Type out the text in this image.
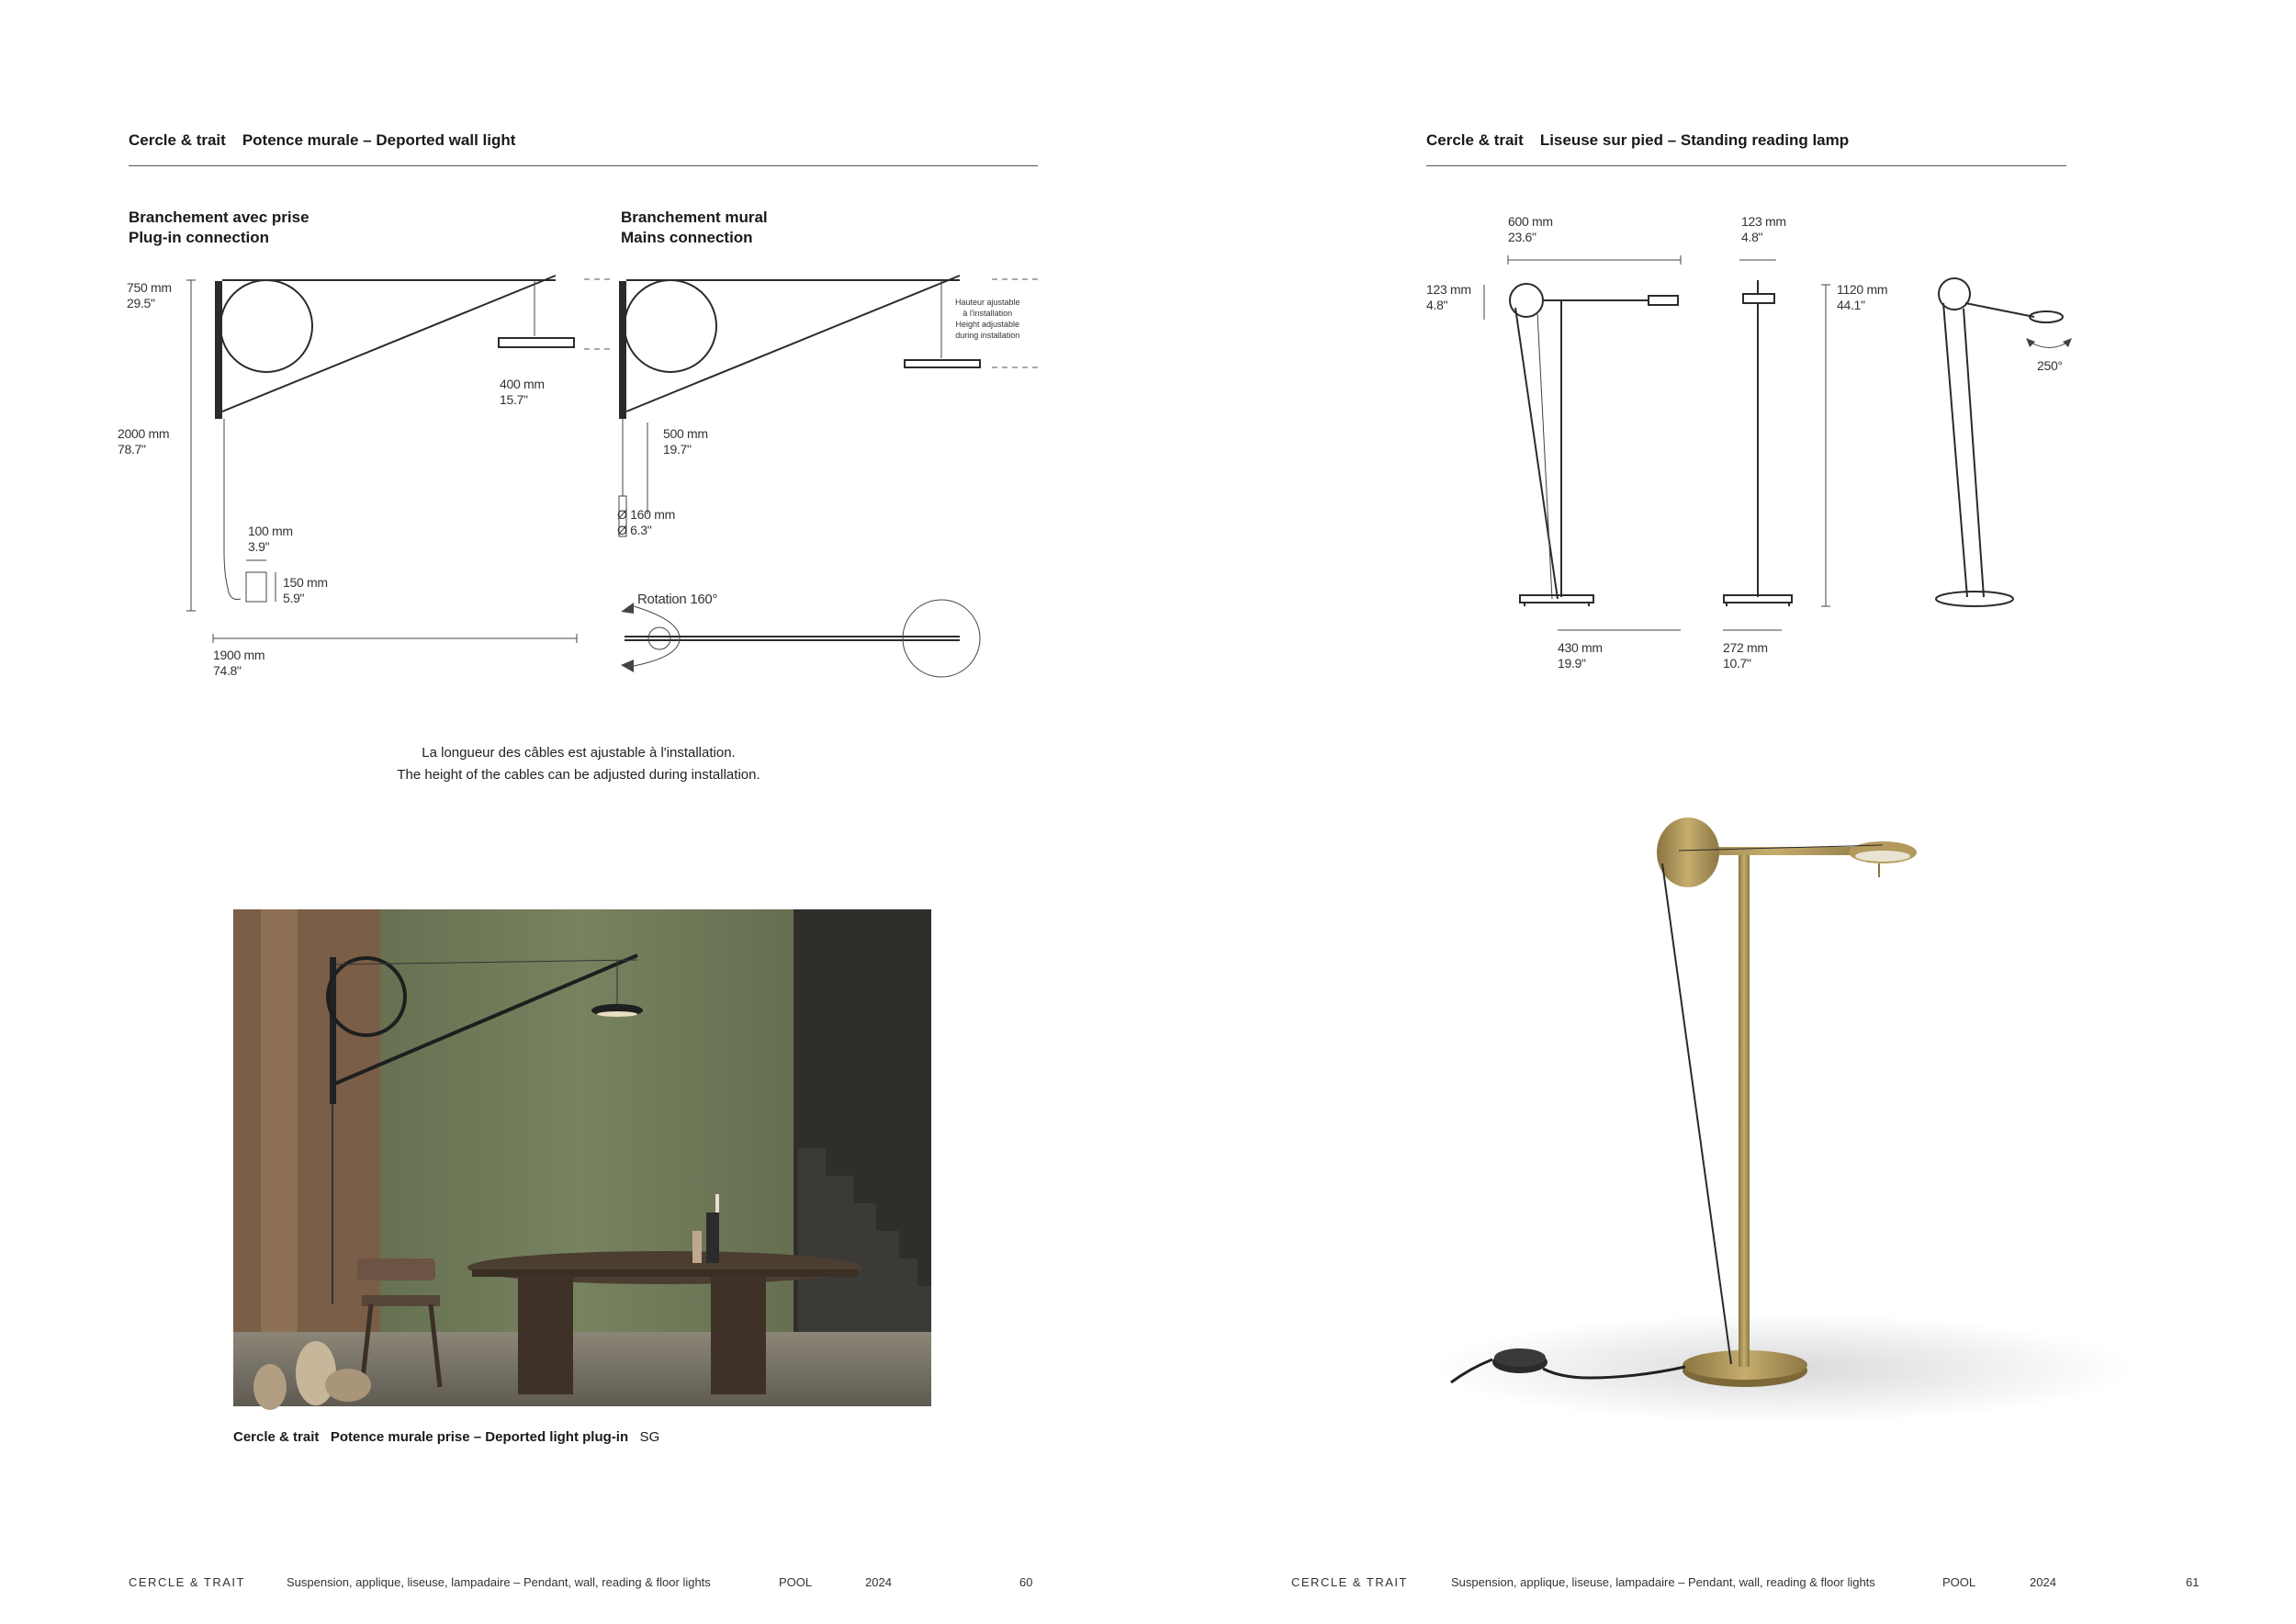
Cercle & trait Potence murale – Deported wall light
Branchement avec prise
Plug-in connection
Branchement mural
Mains connection
750 mm
29.5"
2000 mm
78.7"
400 mm
15.7"
100 mm
3.9"
150 mm
5.9"
1900 mm
74.8"
Hauteur ajustable
à l'installation
Height adjustable
during installation
500 mm
19.7"
Ø 160 mm
Ø 6.3"
Rotation 160°
La longueur des câbles est ajustable à l'installation.
The height of the cables can be adjusted during installation.
Cercle & trait Potence murale prise – Deported light plug-in SG
CERCLE & TRAIT	Suspension, applique, liseuse, lampadaire – Pendant, wall, reading & floor lights	POOL	2024	60
Cercle & trait Liseuse sur pied – Standing reading lamp
600 mm
23.6"
123 mm
4.8"
123 mm
4.8"
1120 mm
44.1"
250°
430 mm
19.9"
272 mm
10.7"
CERCLE & TRAIT	Suspension, applique, liseuse, lampadaire – Pendant, wall, reading & floor lights	POOL	2024	61
